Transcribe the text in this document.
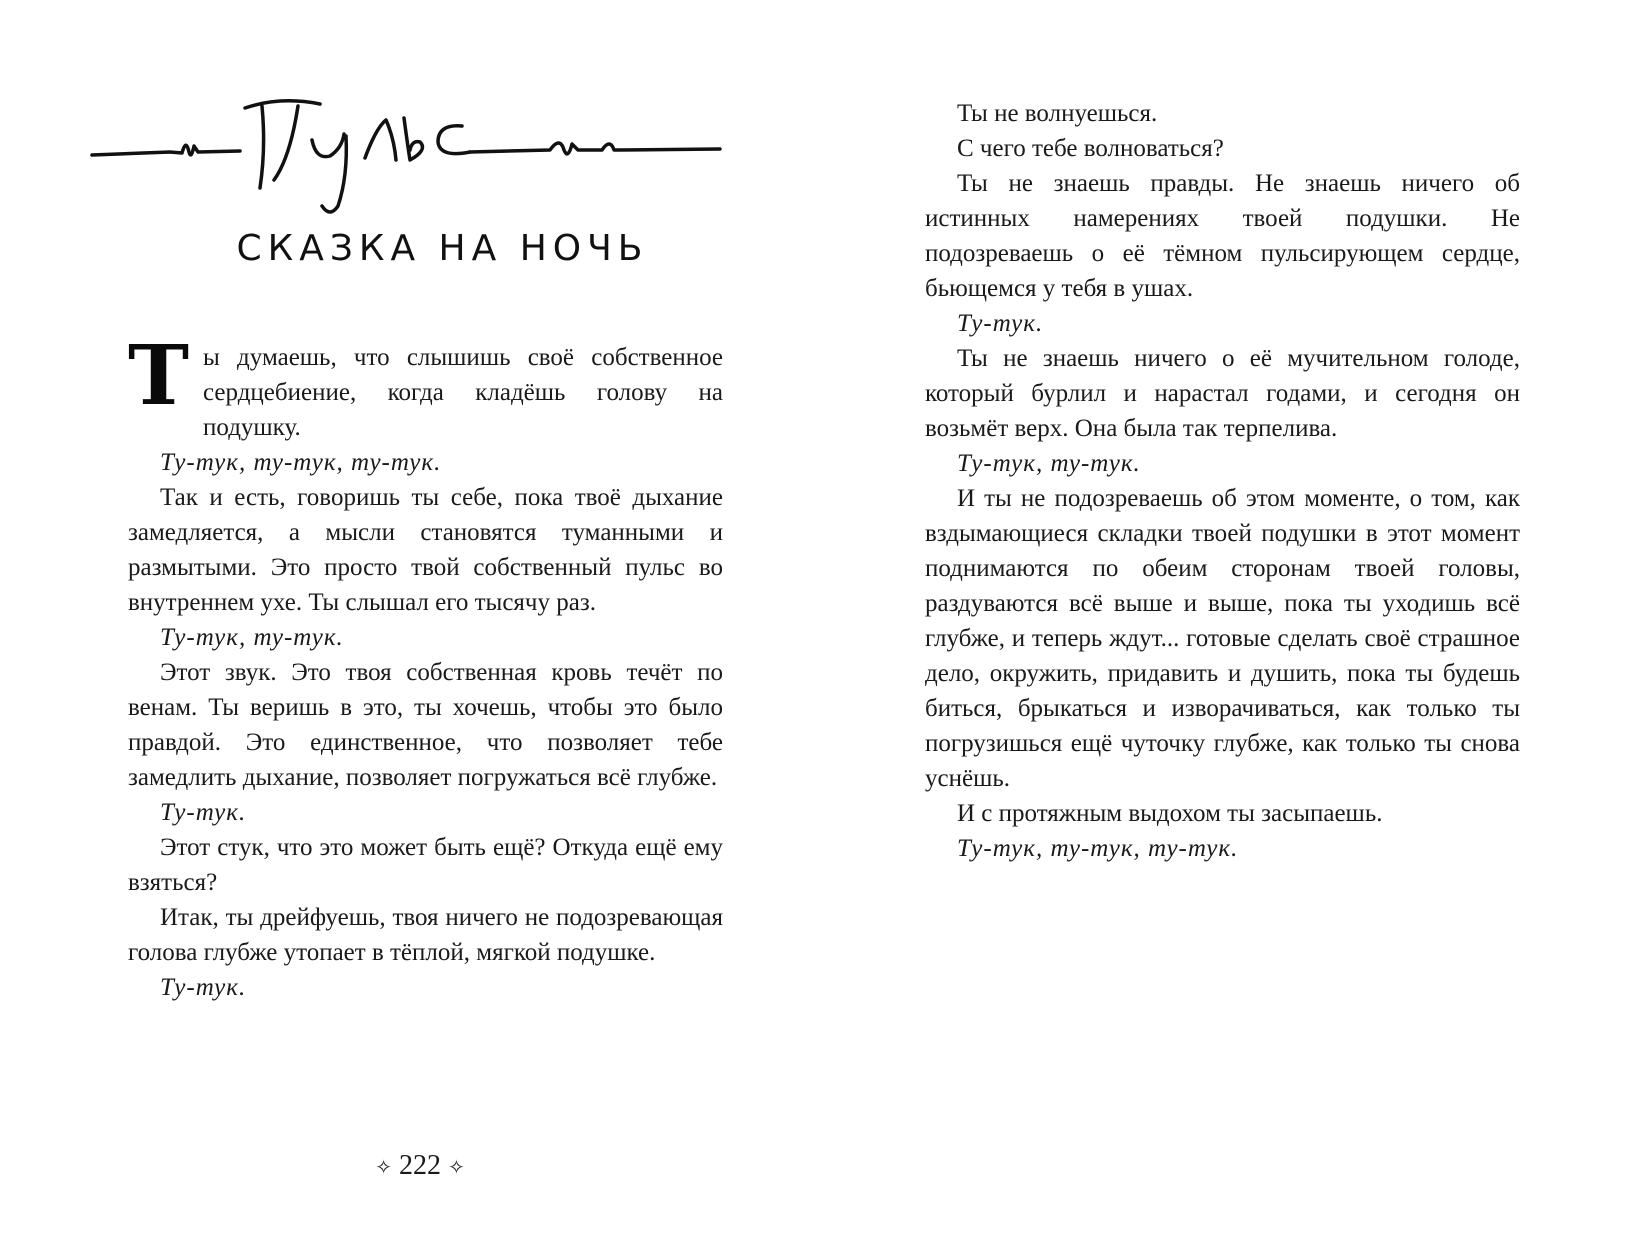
СКАЗКА НА НОЧЬ

Ты думаешь, что слышишь своё собственное сердцебиение, когда кладёшь голову на подушку.

Ту-тук, ту-тук, ту-тук.

Так и есть, говоришь ты себе, пока твоё дыхание замедляется, а мысли становятся туманными и размытыми. Это просто твой собственный пульс во внутреннем ухе. Ты слышал его тысячу раз.

Ту-тук, ту-тук.

Этот звук. Это твоя собственная кровь течёт по венам. Ты веришь в это, ты хочешь, чтобы это было правдой. Это единственное, что позволяет тебе замедлить дыхание, позволяет погружаться всё глубже.

Ту-тук.

Этот стук, что это может быть ещё? Откуда ещё ему взяться?

Итак, ты дрейфуешь, твоя ничего не подозревающая голова глубже утопает в тёплой, мягкой подушке.

Ту-тук.

✧ 222 ✧

Ты не волнуешься.

С чего тебе волноваться?

Ты не знаешь правды. Не знаешь ничего об истинных намерениях твоей подушки. Не подозреваешь о её тёмном пульсирующем сердце, бьющемся у тебя в ушах.

Ту-тук.

Ты не знаешь ничего о её мучительном голоде, который бурлил и нарастал годами, и сегодня он возьмёт верх. Она была так терпелива.

Ту-тук, ту-тук.

И ты не подозреваешь об этом моменте, о том, как вздымающиеся складки твоей подушки в этот момент поднимаются по обеим сторонам твоей головы, раздуваются всё выше и выше, пока ты уходишь всё глубже, и теперь ждут... готовые сделать своё страшное дело, окружить, придавить и душить, пока ты будешь биться, брыкаться и изворачиваться, как только ты погрузишься ещё чуточку глубже, как только ты снова уснёшь.

И с протяжным выдохом ты засыпаешь.

Ту-тук, ту-тук, ту-тук.
